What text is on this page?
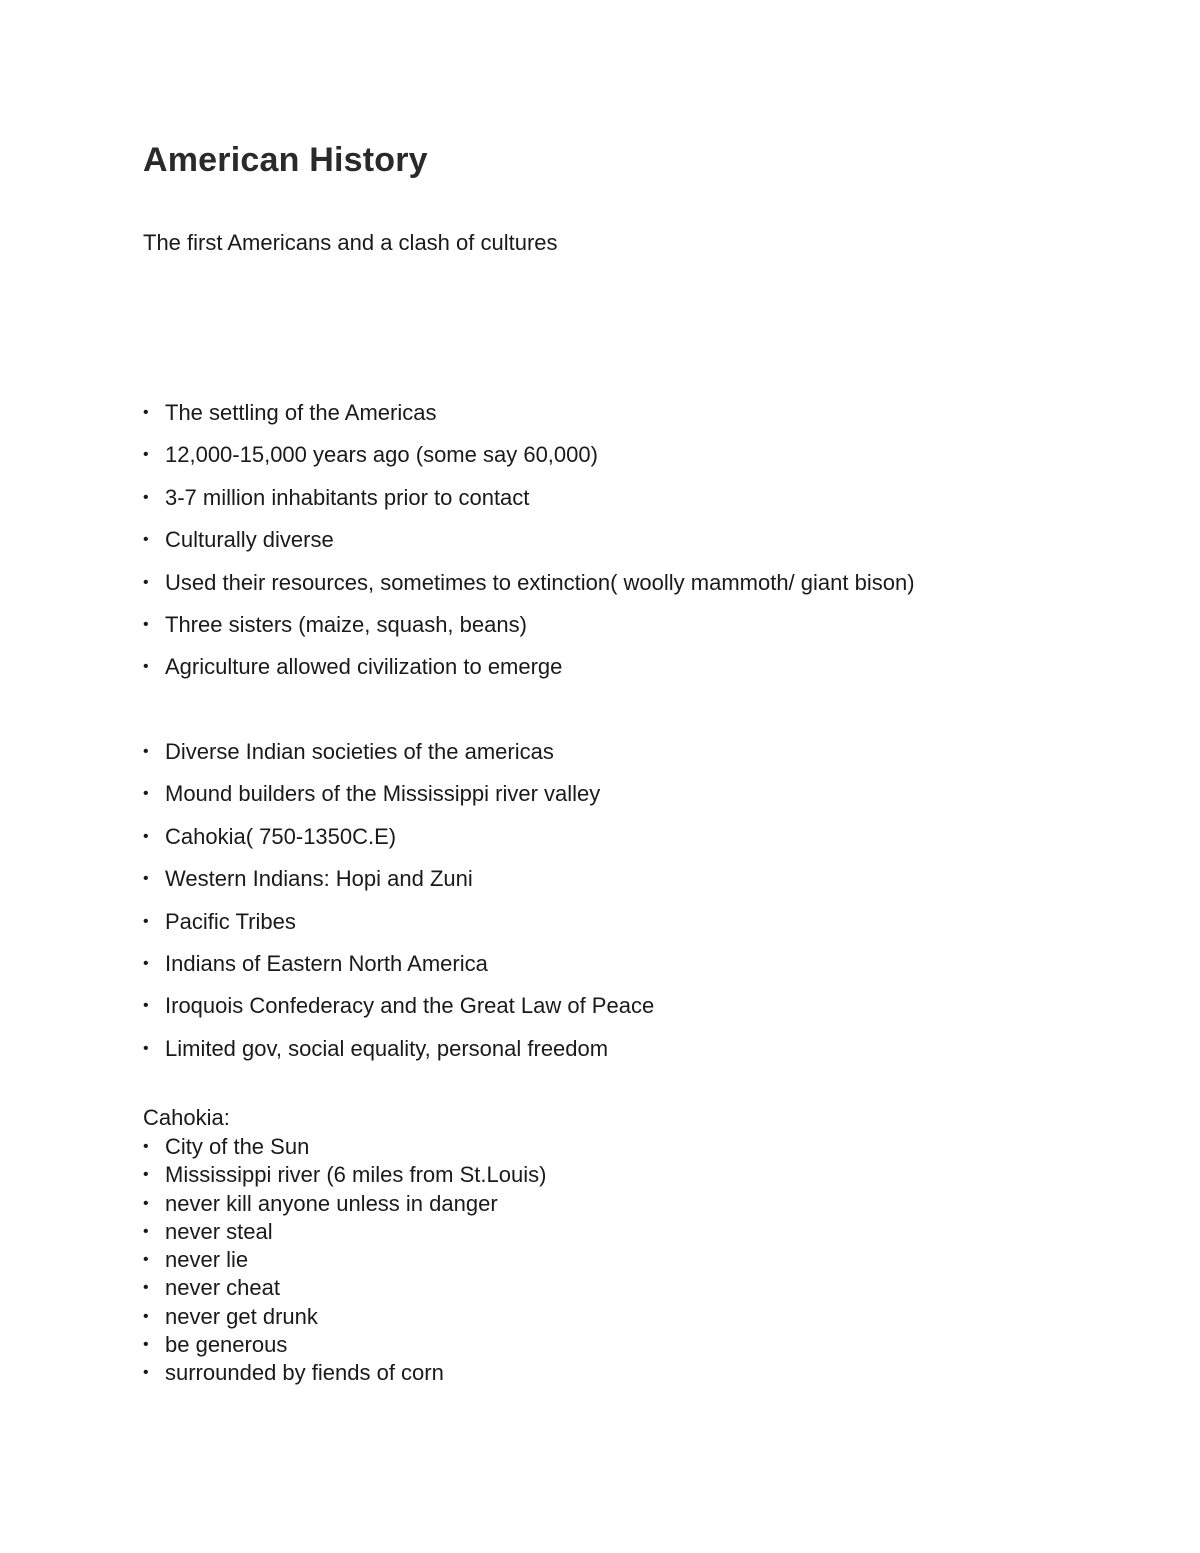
American History

The first Americans and a clash of cultures

• The settling of the Americas
• 12,000-15,000 years ago (some say 60,000)
• 3-7 million inhabitants prior to contact
• Culturally diverse
• Used their resources, sometimes to extinction( woolly mammoth/ giant bison)
• Three sisters (maize, squash, beans)
• Agriculture allowed civilization to emerge
• Diverse Indian societies of the americas
• Mound builders of the Mississippi river valley
• Cahokia( 750-1350C.E)
• Western Indians: Hopi and Zuni
• Pacific Tribes
• Indians of Eastern North America
• Iroquois Confederacy and the Great Law of Peace
• Limited gov, social equality, personal freedom

Cahokia:

• City of the Sun
• Mississippi river (6 miles from St.Louis)
• never kill anyone unless in danger
• never steal
• never lie
• never cheat
• never get drunk
• be generous
• surrounded by fiends of corn
